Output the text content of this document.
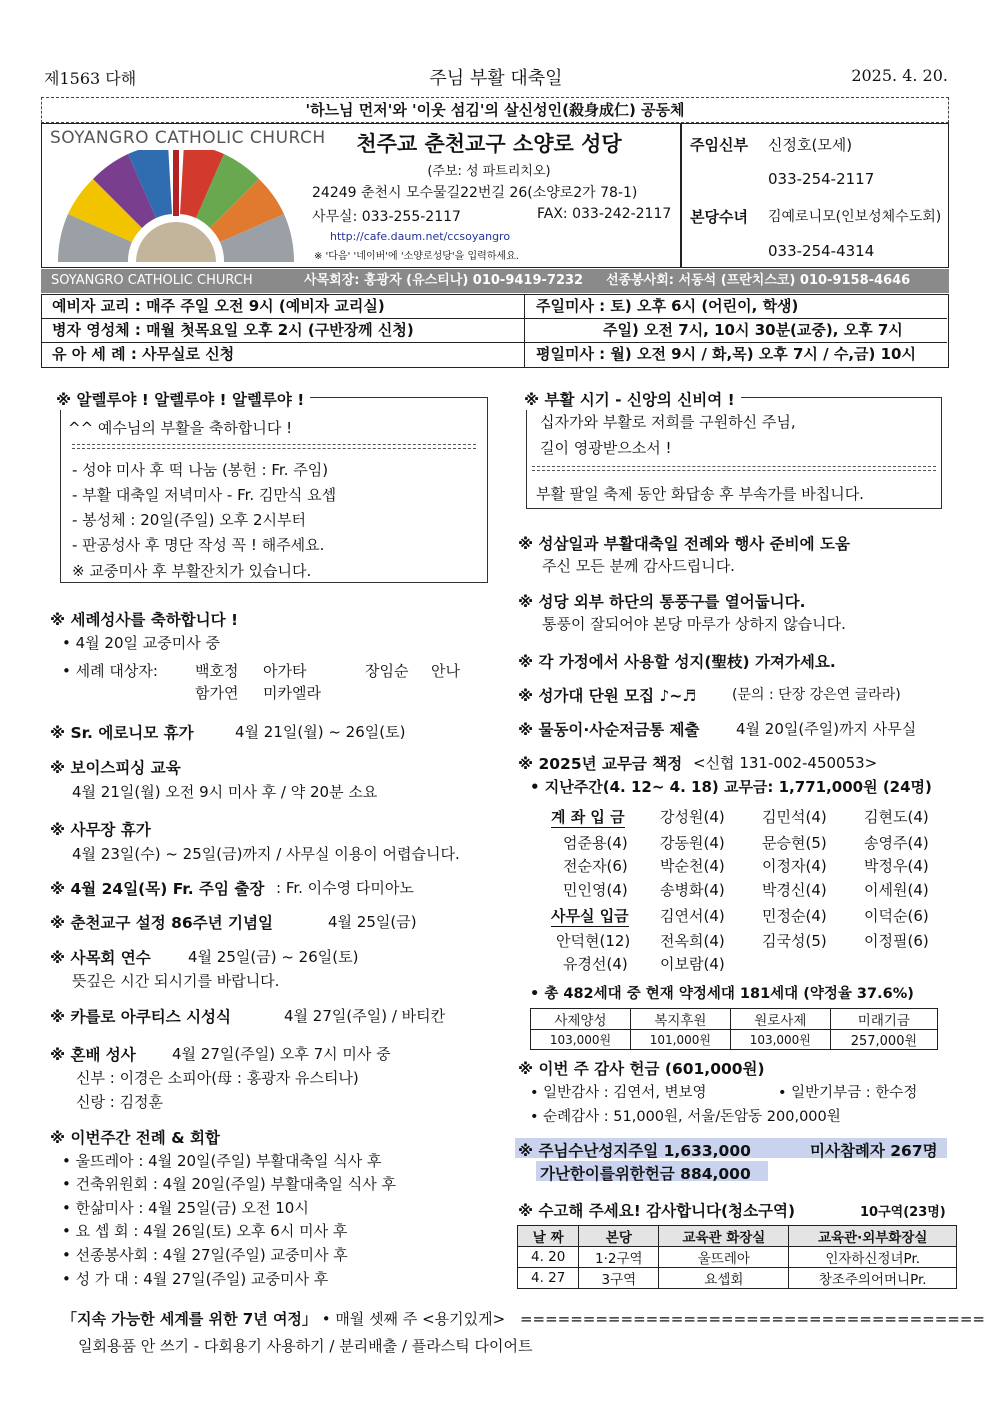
제1563 다해	주님 부활 대축일	2025. 4. 20.
'하느님 먼저'와 '이웃 섬김'의 살신성인(殺身成仁) 공동체
SOYANGRO CATHOLIC CHURCH	천주교 춘천교구 소양로 성당
(주보: 성 파트리치오)
24249 춘천시 모수물길22번길 26(소양로2가 78-1)
사무실: 033-255-2117	FAX: 033-242-2117
http://cafe.daum.net/ccsoyangro
※ '다음' '네이버'에 '소양로성당'을 입력하세요.
주임신부 신정호(모세)
033-254-2117
본당수녀 김예로니모(인보성체수도회)
033-254-4314
SOYANGRO CATHOLIC CHURCH	사목회장: 홍광자 (유스티나) 010-9419-7232 선종봉사회: 서동석 (프란치스코) 010-9158-4646
예비자 교리 : 매주 주일 오전 9시 (예비자 교리실)	주일미사 : 토) 오후 6시 (어린이, 학생)
병자 영성체 : 매월 첫목요일 오후 2시 (구반장께 신청)	주일) 오전 7시, 10시 30분(교중), 오후 7시
유 아 세 례 : 사무실로 신청	평일미사 : 월) 오전 9시 / 화,목) 오후 7시 / 수,금) 10시
※ 알렐루야 ! 알렐루야 ! 알렐루야 !
^^ 예수님의 부활을 축하합니다 !
- 성야 미사 후 떡 나눔 (봉헌 : Fr. 주임)
- 부활 대축일 저녁미사 - Fr. 김만식 요셉
- 봉성체 : 20일(주일) 오후 2시부터
- 판공성사 후 명단 작성 꼭 ! 해주세요.
※ 교중미사 후 부활잔치가 있습니다.
※ 세례성사를 축하합니다 !
• 4월 20일 교중미사 중
• 세례 대상자: 백호정 아가타	장임순 안나
함가연 미카엘라
※ Sr. 에로니모 휴가	4월 21일(월) ~ 26일(토)
※ 보이스피싱 교육
4월 21일(월) 오전 9시 미사 후 / 약 20분 소요
※ 사무장 휴가
4월 23일(수) ~ 25일(금)까지 / 사무실 이용이 어렵습니다.
※ 4월 24일(목) Fr. 주임 출장 : Fr. 이수영 다미아노
※ 춘천교구 설정 86주년 기념일	4월 25일(금)
※ 사목회 연수 4월 25일(금) ~ 26일(토)
뜻깊은 시간 되시기를 바랍니다.
※ 카를로 아쿠티스 시성식	4월 27일(주일) / 바티칸
※ 혼배 성사 4월 27일(주일) 오후 7시 미사 중
신부 : 이경은 소피아(母 : 홍광자 유스티나)
신랑 : 김정훈
※ 이번주간 전례 & 회합
• 울뜨레아 : 4월 20일(주일) 부활대축일 식사 후
• 건축위원회 : 4월 20일(주일) 부활대축일 식사 후
• 한삶미사 : 4월 25일(금) 오전 10시
• 요 셉 회 : 4월 26일(토) 오후 6시 미사 후
• 선종봉사회 : 4월 27일(주일) 교중미사 후
• 성 가 대 : 4월 27일(주일) 교중미사 후
※ 부활 시기 - 신앙의 신비여 !
십자가와 부활로 저희를 구원하신 주님,
길이 영광받으소서 !
부활 팔일 축제 동안 화답송 후 부속가를 바칩니다.
※ 성삼일과 부활대축일 전례와 행사 준비에 도움
주신 모든 분께 감사드립니다.
※ 성당 외부 하단의 통풍구를 열어둡니다.
통풍이 잘되어야 본당 마루가 상하지 않습니다.
※ 각 가정에서 사용할 성지(聖枝) 가져가세요.
※ 성가대 단원 모집 ♪~♬	(문의 : 단장 강은연 글라라)
※ 물동이·사순저금통 제출 4월 20일(주일)까지 사무실
※ 2025년 교무금 책정 <신협 131-002-450053>
• 지난주간(4. 12~ 4. 18) 교무금: 1,771,000원 (24명)
계 좌 입 금 강성원(4) 김민석(4) 김현도(4)
엄준용(4) 강동원(4) 문승현(5) 송영주(4)
전순자(6) 박순천(4) 이정자(4) 박정우(4)
민인영(4) 송병화(4) 박경신(4) 이세원(4)
사무실 입금 김연서(4) 민정순(4) 이덕순(6)
안덕현(12) 전옥희(4) 김국성(5) 이정필(6)
유경선(4) 이보람(4)
• 총 482세대 중 현재 약정세대 181세대 (약정율 37.6%)
사제양성	복지후원	원로사제	미래기금
103,000원	101,000원	103,000원	257,000원
※ 이번 주 감사 헌금 (601,000원)
• 일반감사 : 김연서, 변보영	• 일반기부금 : 한수정
• 순례감사 : 51,000원, 서울/돈암동 200,000원
※ 주님수난성지주일 1,633,000	미사참례자 267명
가난한이를위한헌금 884,000
※ 수고해 주세요! 감사합니다(청소구역)	10구역(23명)
날 짜	본당	교육관 화장실	교육관·외부화장실
4. 20	1·2구역	울뜨레아	인자하신정녀Pr.
4. 27	3구역	요셉회	창조주의어머니Pr.
「지속 가능한 세계를 위한 7년 여정」 • 매월 셋째 주 <용기있게> =====================================
일회용품 안 쓰기 - 다회용기 사용하기 / 분리배출 / 플라스틱 다이어트
